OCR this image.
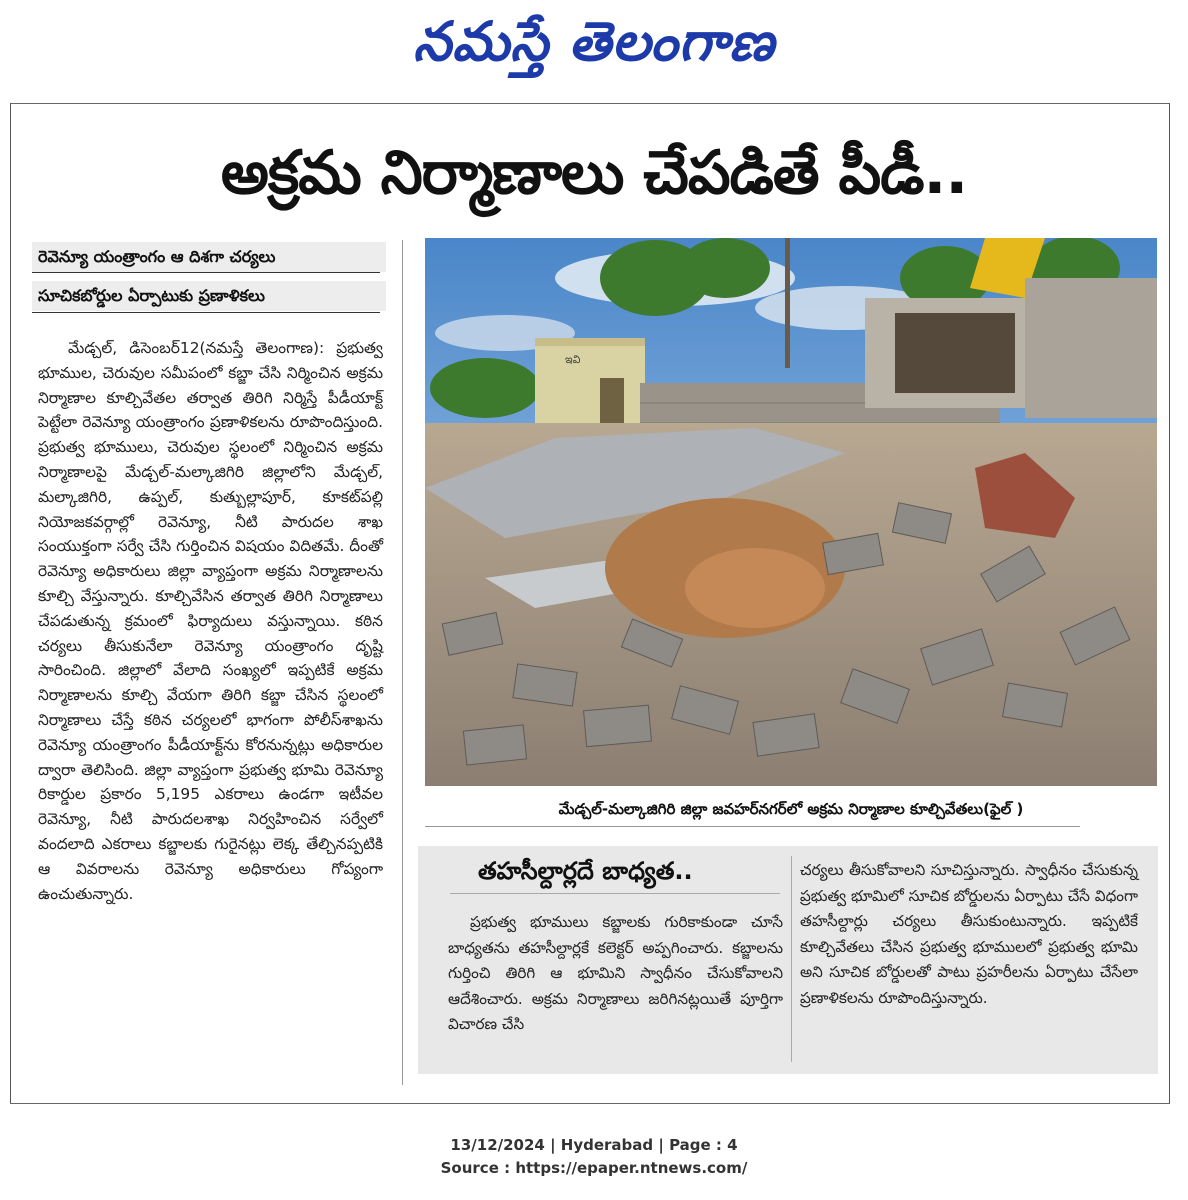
నమస్తే తెలంగాణ
అక్రమ నిర్మాణాలు చేపడితే పీడీ..
రెవెన్యూ యంత్రాంగం ఆ దిశగా చర్యలు
సూచికబోర్డుల ఏర్పాటుకు ప్రణాళికలు

మేడ్చల్, డిసెంబర్12(నమస్తే తెలంగాణ): ప్రభుత్వ భూముల, చెరువుల సమీపంలో కబ్జా చేసి నిర్మించిన అక్రమ నిర్మాణాల కూల్చివేతల తర్వాత తిరిగి నిర్మిస్తే పీడీయాక్ట్ పెట్టేలా రెవెన్యూ యంత్రాంగం ప్రణాళికలను రూపొందిస్తుంది. ప్రభుత్వ భూములు, చెరువుల స్థలంలో నిర్మించిన అక్రమ నిర్మాణాలపై మేడ్చల్-మల్కాజిగిరి జిల్లాలోని మేడ్చల్, మల్కాజిగిరి, ఉప్పల్, కుత్బుల్లాపూర్, కూకట్‌పల్లి నియోజకవర్గాల్లో రెవెన్యూ, నీటి పారుదల శాఖ సంయుక్తంగా సర్వే చేసి గుర్తించిన విషయం విదితమే. దీంతో రెవెన్యూ అధికారులు జిల్లా వ్యాప్తంగా అక్రమ నిర్మాణాలను కూల్చి వేస్తున్నారు. కూల్చివేసిన తర్వాత తిరిగి నిర్మాణాలు చేపడుతున్న క్రమంలో ఫిర్యాదులు వస్తున్నాయి. కఠిన చర్యలు తీసుకునేలా రెవెన్యూ యంత్రాంగం దృష్టి సారించింది. జిల్లాలో వేలాది సంఖ్యలో ఇప్పటికే అక్రమ నిర్మాణాలను కూల్చి వేయగా తిరిగి కబ్జా చేసిన స్థలంలో నిర్మాణాలు చేస్తే కఠిన చర్యలలో భాగంగా పోలీస్‌శాఖను రెవెన్యూ యంత్రాంగం పీడీయాక్ట్‌ను కోరనున్నట్లు అధికారుల ద్వారా తెలిసింది. జిల్లా వ్యాప్తంగా ప్రభుత్వ భూమి రెవెన్యూ రికార్డుల ప్రకారం 5,195 ఎకరాలు ఉండగా ఇటీవల రెవెన్యూ, నీటి పారుదలశాఖ నిర్వహించిన సర్వేలో వందలాది ఎకరాలు కబ్జాలకు గురైనట్లు లెక్క తేల్చినప్పటికి ఆ వివరాలను రెవెన్యూ అధికారులు గోప్యంగా ఉంచుతున్నారు.

ఇవి
మేడ్చల్-మల్కాజిగిరి జిల్లా జవహర్‌నగర్‌లో అక్రమ నిర్మాణాల కూల్చివేతలు(ఫైల్ )
తహసీల్దార్లదే బాధ్యత..

ప్రభుత్వ భూములు కబ్జాలకు గురికాకుండా చూసే బాధ్యతను తహసీల్దార్లకే కలెక్టర్ అప్పగించారు. కబ్జాలను గుర్తించి తిరిగి ఆ భూమిని స్వాధీనం చేసుకోవాలని ఆదేశించారు. అక్రమ నిర్మాణాలు జరిగినట్లయితే పూర్తిగా విచారణ చేసి

చర్యలు తీసుకోవాలని సూచిస్తున్నారు. స్వాధీనం చేసుకున్న ప్రభుత్వ భూమిలో సూచిక బోర్డులను ఏర్పాటు చేసే విధంగా తహసీల్దార్లు చర్యలు తీసుకుంటున్నారు. ఇప్పటికే కూల్చివేతలు చేసిన ప్రభుత్వ భూములలో ప్రభుత్వ భూమి అని సూచిక బోర్డులతో పాటు ప్రహరీలను ఏర్పాటు చేసేలా ప్రణాళికలను రూపొందిస్తున్నారు.

13/12/2024 | Hyderabad | Page : 4
Source : https://epaper.ntnews.com/
